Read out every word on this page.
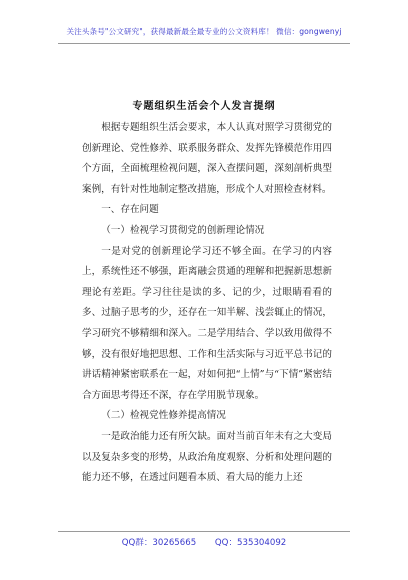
关注头条号"公文研究"，获得最新最全最专业的公文资料库！ 微信：gongwenyj
专题组织生活会个人发言提纲

根据专题组织生活会要求，本人认真对照学习贯彻党的创新理论、党性修养、联系服务群众、发挥先锋模范作用四个方面，全面梳理检视问题，深入查摆问题，深刻剖析典型案例，有针对性地制定整改措施，形成个人对照检查材料。

一、存在问题

（一）检视学习贯彻党的创新理论情况

一是对党的创新理论学习还不够全面。在学习的内容上，系统性还不够强，距离融会贯通的理解和把握新思想新理论有差距。学习往往是读的多、记的少，过眼睛看看的多、过脑子思考的少，还存在一知半解、浅尝辄止的情况，学习研究不够精细和深入。二是学用结合、学以致用做得不够，没有很好地把思想、工作和生活实际与习近平总书记的讲话精神紧密联系在一起，对如何把“上情”与“下情”紧密结合方面思考得还不深，存在学用脱节现象。

（二）检视党性修养提高情况

一是政治能力还有所欠缺。面对当前百年未有之大变局以及复杂多变的形势，从政治角度观察、分析和处理问题的能力还不够，在透过问题看本质、看大局的能力上还

QQ群：30265665 QQ：535304092
